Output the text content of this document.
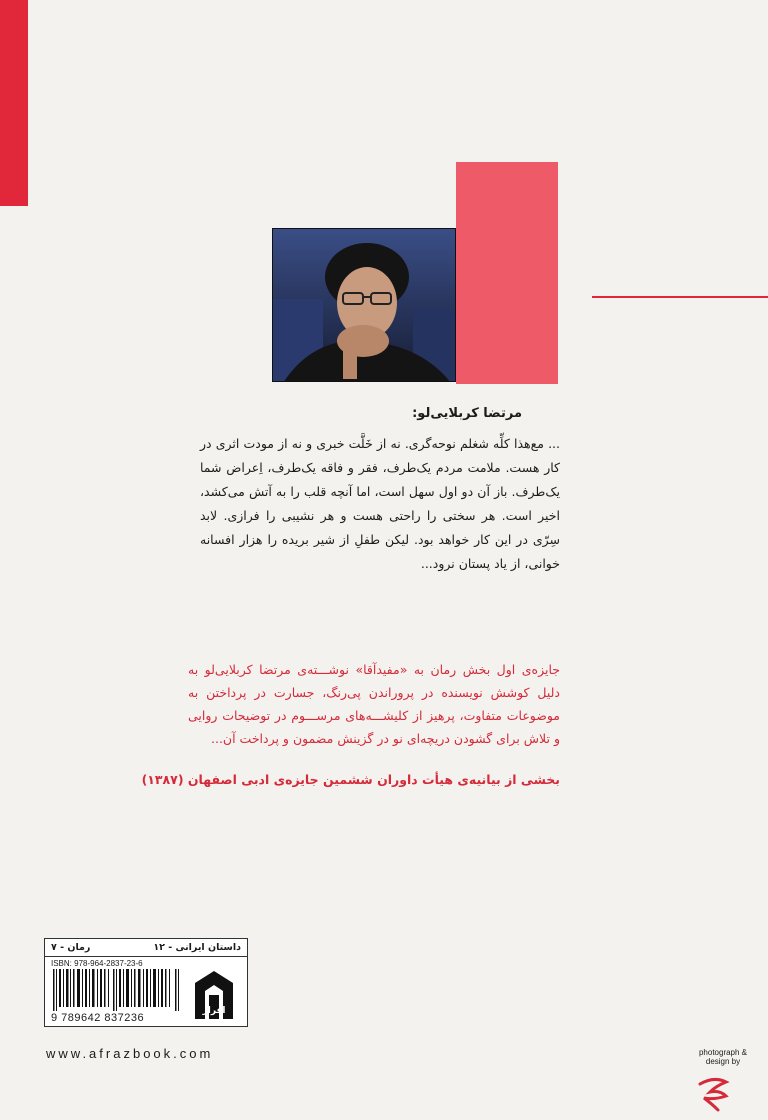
مرتضا کربلایی‌لو:
... مع‌هذا کلِّه شغلم نوحه‌گری. نه از خَلَّت خبری و نه از مودت اثری در کار هست. ملامت مردم یک‌طرف، فقر و فاقه یک‌طرف، اِعراض شما یک‌طرف. باز آن دو اول سهل است، اما آنچه قلب را به آتش می‌کشد، اخیر است. هر سختی را راحتی هست و هر نشیبی را فرازی. لابد سِرّی در این کار خواهد بود. لیکن طفلِ از شیر بریده را هزار افسانه خوانی، از یاد پستان نرود...
جایزه‌ی اول بخش رمان به «مفیدآقا» نوشـــته‌ی مرتضا کربلایی‌لو به دلیل کوشش نویسنده در پروراندن پی‌رنگ، جسارت در پرداختن به موضوعات متفاوت، پرهیز از کلیشـــه‌های مرســـوم در توضیحات روایی و تلاش برای گشودن دریچه‌ای نو در گزینش مضمون و پرداخت آن...
بخشی از بیانیه‌ی هیأت داوران ششمین جایزه‌ی ادبی اصفهان (۱۳۸۷)
داستان ایرانی - ۱۲
رمان - ۷
ISBN: 978-964-2837-23-6
9 789642 837236
افراز
www.afrazbook.com	photograph &
design by
